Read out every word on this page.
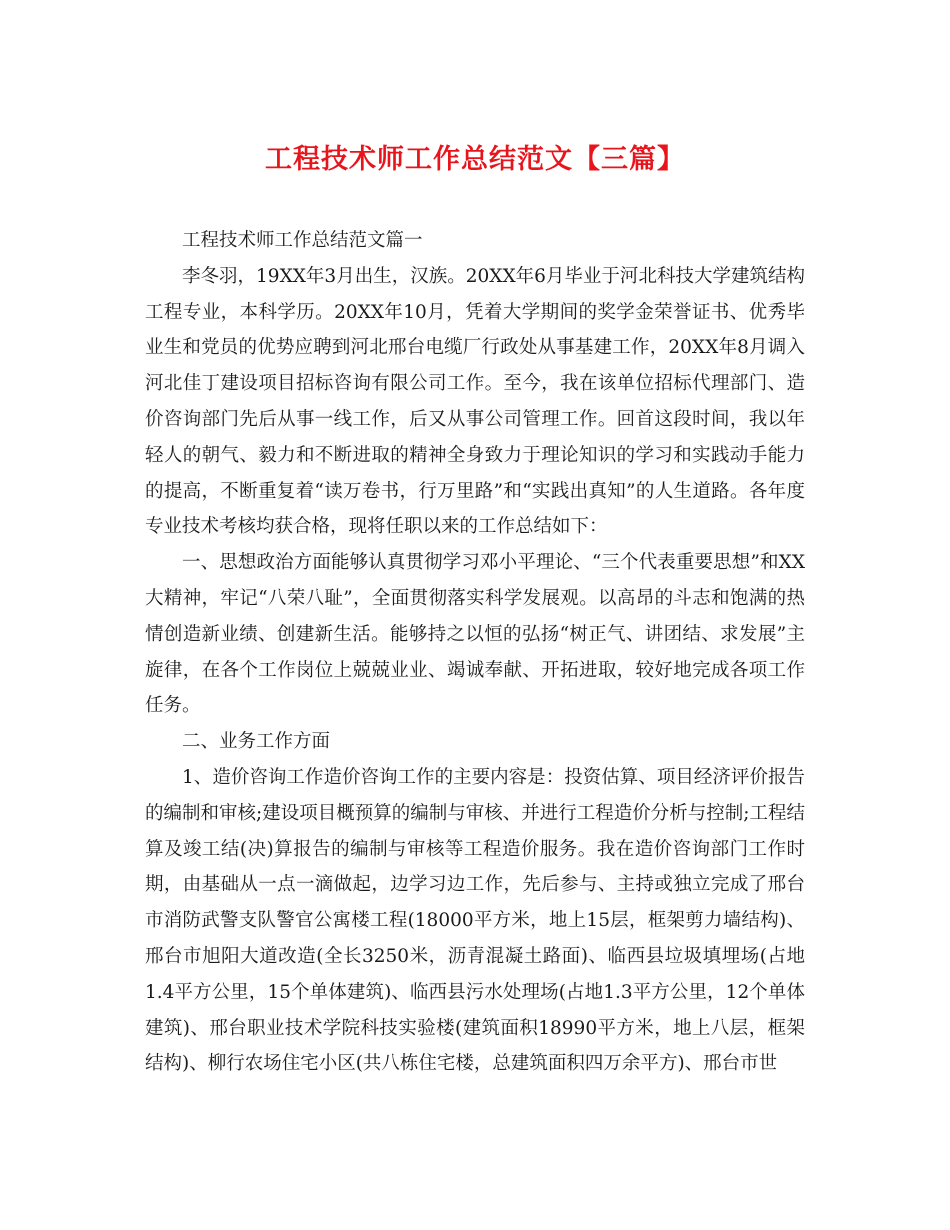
工程技术师工作总结范文【三篇】

工程技术师工作总结范文篇一

李冬羽，19XX年3月出生，汉族。20XX年6月毕业于河北科技大学建筑结构工程专业，本科学历。20XX年10月，凭着大学期间的奖学金荣誉证书、优秀毕业生和党员的优势应聘到河北邢台电缆厂行政处从事基建工作，20XX年8月调入河北佳丁建设项目招标咨询有限公司工作。至今，我在该单位招标代理部门、造价咨询部门先后从事一线工作，后又从事公司管理工作。回首这段时间，我以年轻人的朝气、毅力和不断进取的精神全身致力于理论知识的学习和实践动手能力的提高，不断重复着“读万卷书，行万里路”和“实践出真知”的人生道路。各年度专业技术考核均获合格，现将任职以来的工作总结如下：

一、思想政治方面能够认真贯彻学习邓小平理论、“三个代表重要思想”和XX大精神，牢记“八荣八耻”，全面贯彻落实科学发展观。以高昂的斗志和饱满的热情创造新业绩、创建新生活。能够持之以恒的弘扬“树正气、讲团结、求发展”主旋律，在各个工作岗位上兢兢业业、竭诚奉献、开拓进取，较好地完成各项工作任务。

二、业务工作方面

1、造价咨询工作造价咨询工作的主要内容是：投资估算、项目经济评价报告的编制和审核;建设项目概预算的编制与审核、并进行工程造价分析与控制;工程结算及竣工结(决)算报告的编制与审核等工程造价服务。我在造价咨询部门工作时期，由基础从一点一滴做起，边学习边工作，先后参与、主持或独立完成了邢台市消防武警支队警官公寓楼工程(18000平方米，地上15层，框架剪力墙结构)、邢台市旭阳大道改造(全长3250米，沥青混凝土路面)、临西县垃圾填埋场(占地1.4平方公里，15个单体建筑)、临西县污水处理场(占地1.3平方公里，12个单体建筑)、邢台职业技术学院科技实验楼(建筑面积18990平方米，地上八层，框架结构)、柳行农场住宅小区(共八栋住宅楼，总建筑面积四万余平方)、邢台市世
